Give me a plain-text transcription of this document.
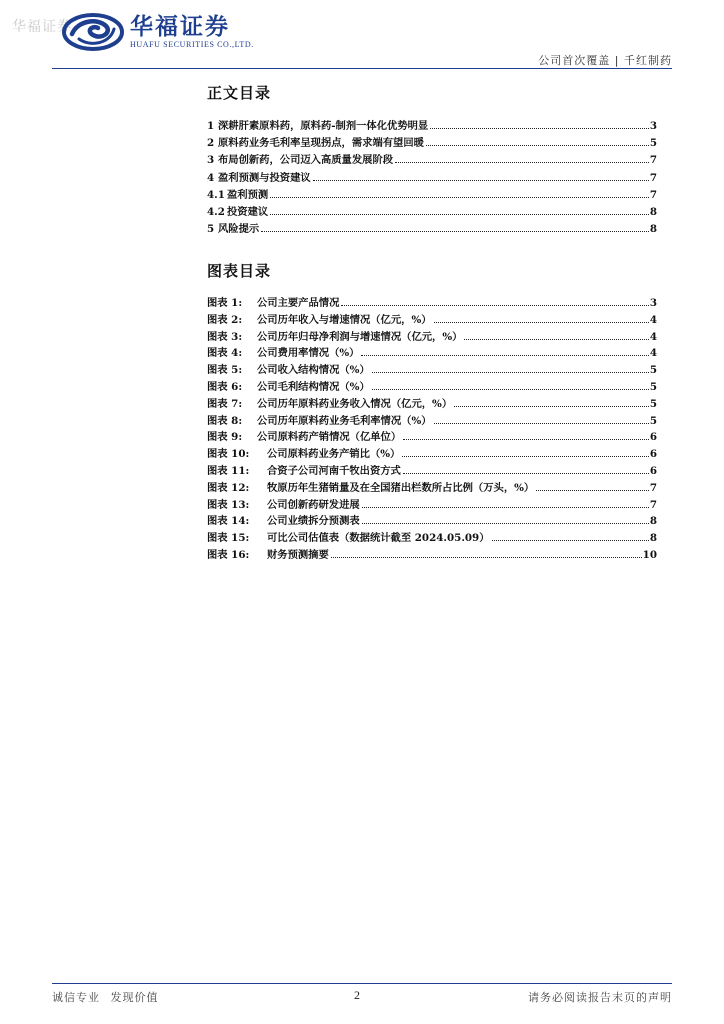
华福证券	华福证券
HUAFU SECURITIES CO.,LTD.
公司首次覆盖 | 千红制药
正文目录
1 深耕肝素原料药，原料药-制剂一体化优势明显	3
2 原料药业务毛利率呈现拐点，需求端有望回暖	5
3 布局创新药，公司迈入高质量发展阶段	7
4 盈利预测与投资建议	7
4.1 盈利预测	7
4.2 投资建议	8
5 风险提示	8
图表目录
图表 1:	公司主要产品情况	3
图表 2:	公司历年收入与增速情况（亿元，%）	4
图表 3:	公司历年归母净利润与增速情况（亿元，%）	4
图表 4:	公司费用率情况（%）	4
图表 5:	公司收入结构情况（%）	5
图表 6:	公司毛利结构情况（%）	5
图表 7:	公司历年原料药业务收入情况（亿元，%）	5
图表 8:	公司历年原料药业务毛利率情况（%）	5
图表 9:	公司原料药产销情况（亿单位）	6
图表 10:	公司原料药业务产销比（%）	6
图表 11:	合资子公司河南千牧出资方式	6
图表 12:	牧原历年生猪销量及在全国猪出栏数所占比例（万头，%）	7
图表 13:	公司创新药研发进展	7
图表 14:	公司业绩拆分预测表	8
图表 15:	可比公司估值表（数据统计截至 2024.05.09）	8
图表 16:	财务预测摘要	10
诚信专业 发现价值	2	请务必阅读报告末页的声明
